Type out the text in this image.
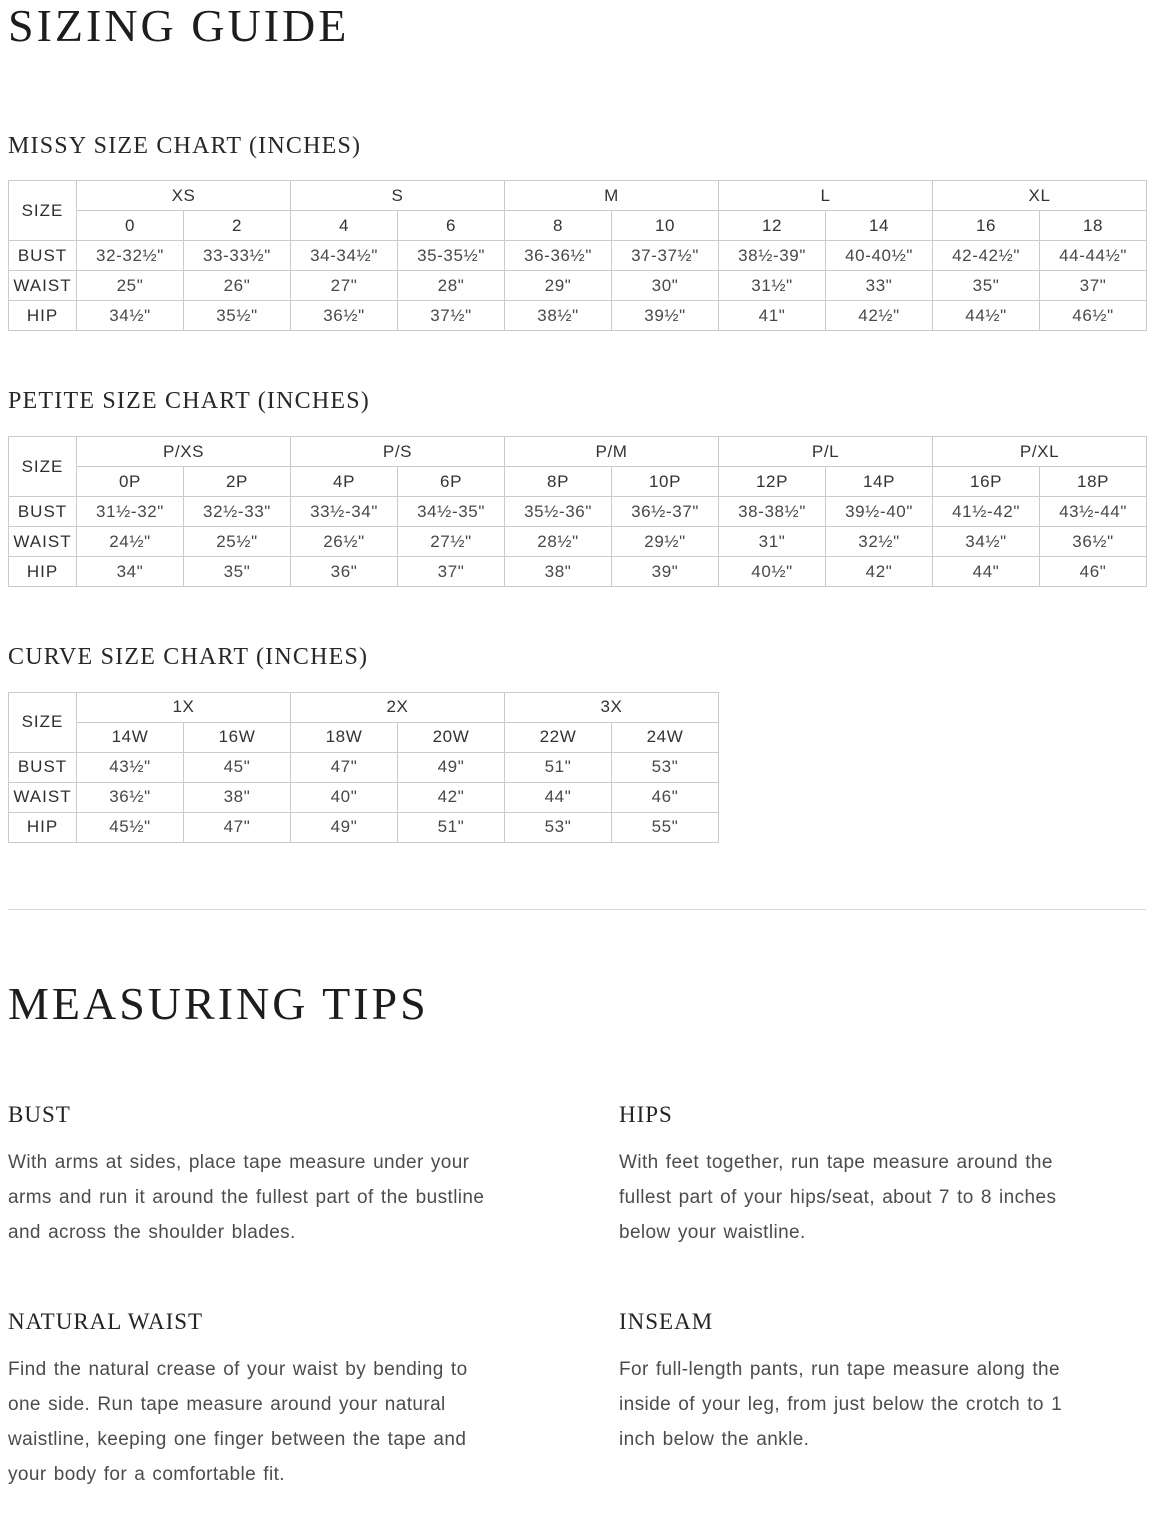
SIZING GUIDE
MISSY SIZE CHART (INCHES)
SIZE	XS		S		M		L		XL	
	0	2	4	6	8	10	12	14	16	18
BUST	32-32½"	33-33½"	34-34½"	35-35½"	36-36½"	37-37½"	38½-39"	40-40½"	42-42½"	44-44½"
WAIST	25"	26"	27"	28"	29"	30"	31½"	33"	35"	37"
HIP	34½"	35½"	36½"	37½"	38½"	39½"	41"	42½"	44½"	46½"
PETITE SIZE CHART (INCHES)
SIZE	P/XS		P/S		P/M		P/L		P/XL	
	0P	2P	4P	6P	8P	10P	12P	14P	16P	18P
BUST	31½-32"	32½-33"	33½-34"	34½-35"	35½-36"	36½-37"	38-38½"	39½-40"	41½-42"	43½-44"
WAIST	24½"	25½"	26½"	27½"	28½"	29½"	31"	32½"	34½"	36½"
HIP	34"	35"	36"	37"	38"	39"	40½"	42"	44"	46"
CURVE SIZE CHART (INCHES)
SIZE	1X		2X		3X	
	14W	16W	18W	20W	22W	24W
BUST	43½"	45"	47"	49"	51"	53"
WAIST	36½"	38"	40"	42"	44"	46"
HIP	45½"	47"	49"	51"	53"	55"
MEASURING TIPS
BUST

With arms at sides, place tape measure under your arms and run it around the fullest part of the bustline and across the shoulder blades.

HIPS

With feet together, run tape measure around the fullest part of your hips/seat, about 7 to 8 inches below your waistline.

NATURAL WAIST

Find the natural crease of your waist by bending to one side. Run tape measure around your natural waistline, keeping one finger between the tape and your body for a comfortable fit.

INSEAM

For full-length pants, run tape measure along the inside of your leg, from just below the crotch to 1 inch below the ankle.
